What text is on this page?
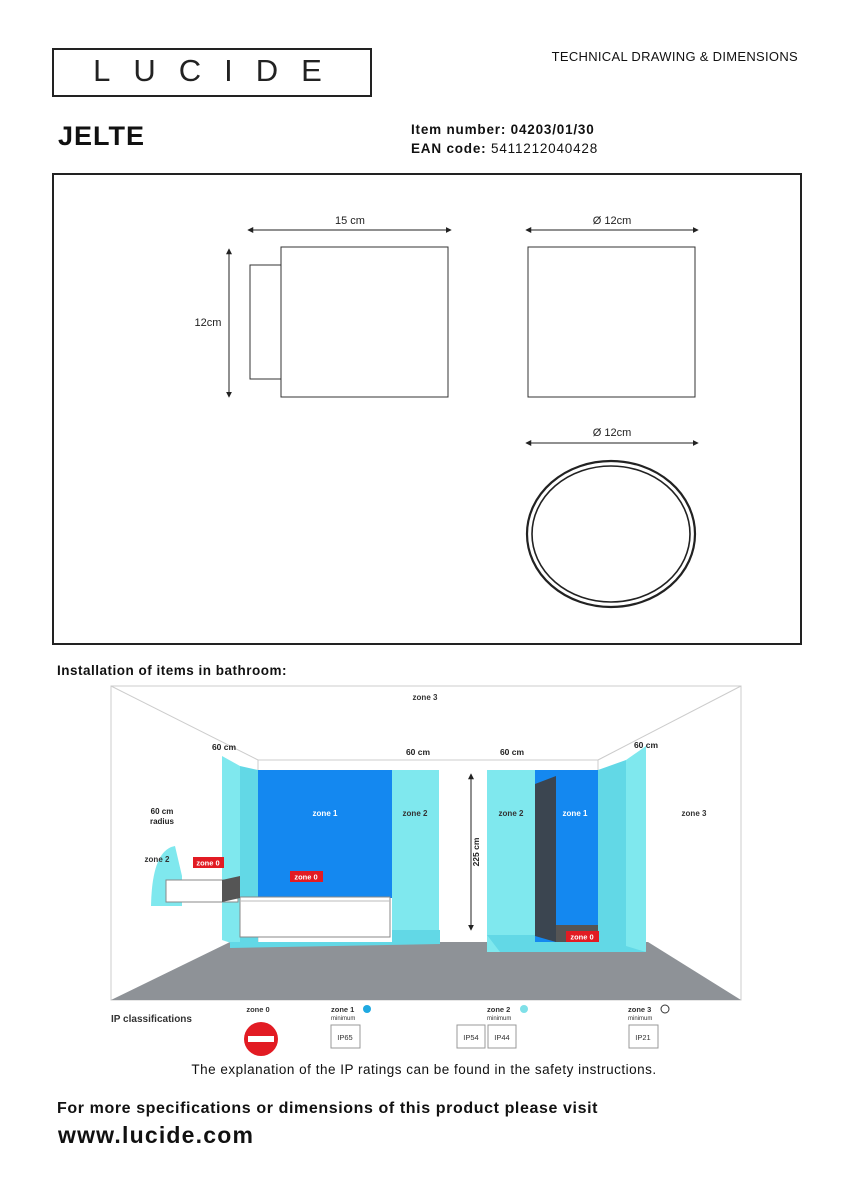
LUCIDE	TECHNICAL DRAWING & DIMENSIONS
JELTE	Item number: 04203/01/30
EAN code: 5411212040428
15 cm
12cm
Ø 12cm
Ø 12cm
Installation of items in bathroom:
225 cm
zone 3
zone 3
60 cm	60 cm	60 cm
60 cm
60 cm
radius
zone 2
zone 1	zone 2	zone 2	zone 1
zone 0
zone 0
zone 0
IP classifications
zone 0	zone 1
minimum
IP65
zone 2
minimum
IP54 IP44
zone 3
minimum
IP21
The explanation of the IP ratings can be found in the safety instructions.
For more specifications or dimensions of this product please visit
www.lucide.com
